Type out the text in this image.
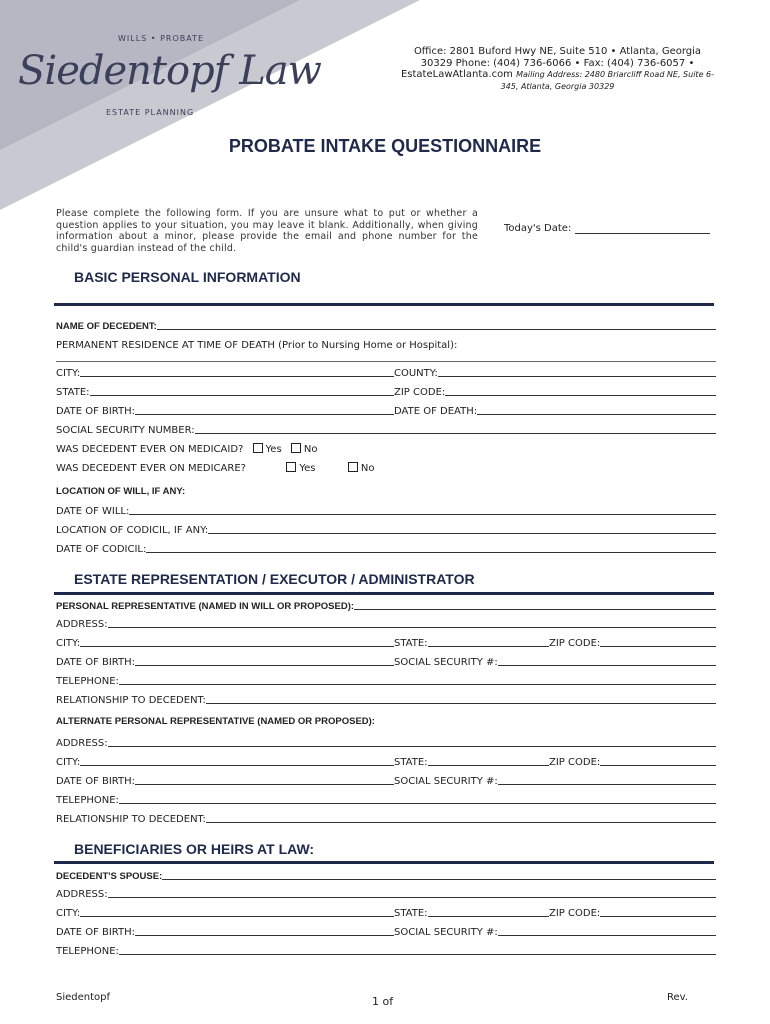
WILLS • PROBATE
Siedentopf Law
ESTATE PLANNING
Office: 2801 Buford Hwy NE, Suite 510 • Atlanta, Georgia
30329 Phone: (404) 736-6066 • Fax: (404) 736-6057 •
EstateLawAtlanta.com Mailing Address: 2480 Briarcliff Road NE, Suite 6-345, Atlanta, Georgia 30329
PROBATE INTAKE QUESTIONNAIRE
Please complete the following form. If you are unsure what to put or whether a question applies to your situation, you may leave it blank. Additionally, when giving information about a minor, please provide the email and phone number for the child's guardian instead of the child.
Today's Date:
BASIC PERSONAL INFORMATION
NAME OF DECEDENT:
PERMANENT RESIDENCE AT TIME OF DEATH (Prior to Nursing Home or Hospital):
CITY:	COUNTY:
STATE:	ZIP CODE:
DATE OF BIRTH:	DATE OF DEATH:
SOCIAL SECURITY NUMBER:
WAS DECEDENT EVER ON MEDICAID? Yes No
WAS DECEDENT EVER ON MEDICARE?	Yes	No
LOCATION OF WILL, IF ANY:
DATE OF WILL:
LOCATION OF CODICIL, IF ANY:
DATE OF CODICIL:
ESTATE REPRESENTATION / EXECUTOR / ADMINISTRATOR
PERSONAL REPRESENTATIVE (NAMED IN WILL OR PROPOSED):
ADDRESS:
CITY:	STATE:	ZIP CODE:
DATE OF BIRTH:	SOCIAL SECURITY #:
TELEPHONE:
RELATIONSHIP TO DECEDENT:
ALTERNATE PERSONAL REPRESENTATIVE (NAMED OR PROPOSED):
ADDRESS:
CITY:	STATE:	ZIP CODE:
DATE OF BIRTH:	SOCIAL SECURITY #:
TELEPHONE:
RELATIONSHIP TO DECEDENT:
BENEFICIARIES OR HEIRS AT LAW:
DECEDENT'S SPOUSE:
ADDRESS:
CITY:	STATE:	ZIP CODE:
DATE OF BIRTH:	SOCIAL SECURITY #:
TELEPHONE:
Siedentopf	1 of	Rev.
